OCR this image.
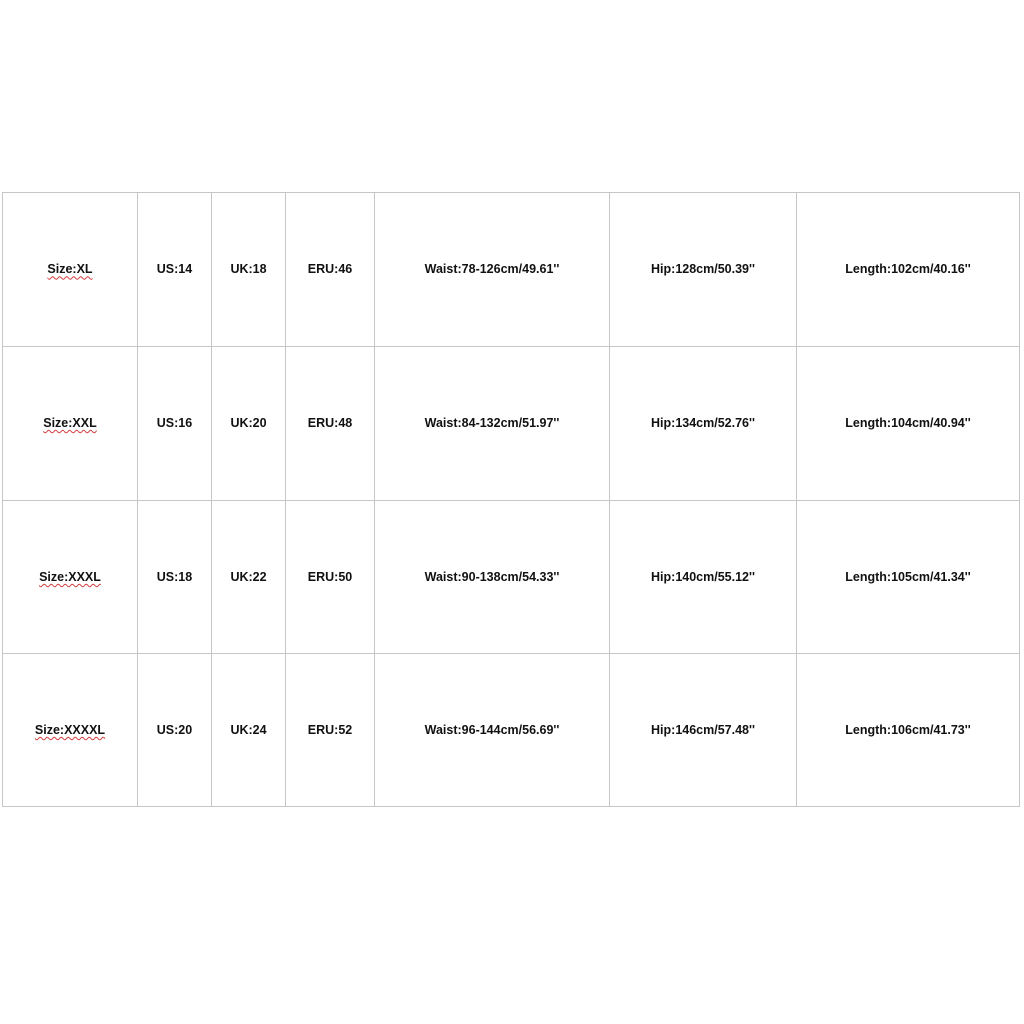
Size:XL	US:14	UK:18	ERU:46	Waist:78-126cm/49.61''	Hip:128cm/50.39''	Length:102cm/40.16''
Size:XXL	US:16	UK:20	ERU:48	Waist:84-132cm/51.97''	Hip:134cm/52.76''	Length:104cm/40.94''
Size:XXXL	US:18	UK:22	ERU:50	Waist:90-138cm/54.33''	Hip:140cm/55.12''	Length:105cm/41.34''
Size:XXXXL	US:20	UK:24	ERU:52	Waist:96-144cm/56.69''	Hip:146cm/57.48''	Length:106cm/41.73''
